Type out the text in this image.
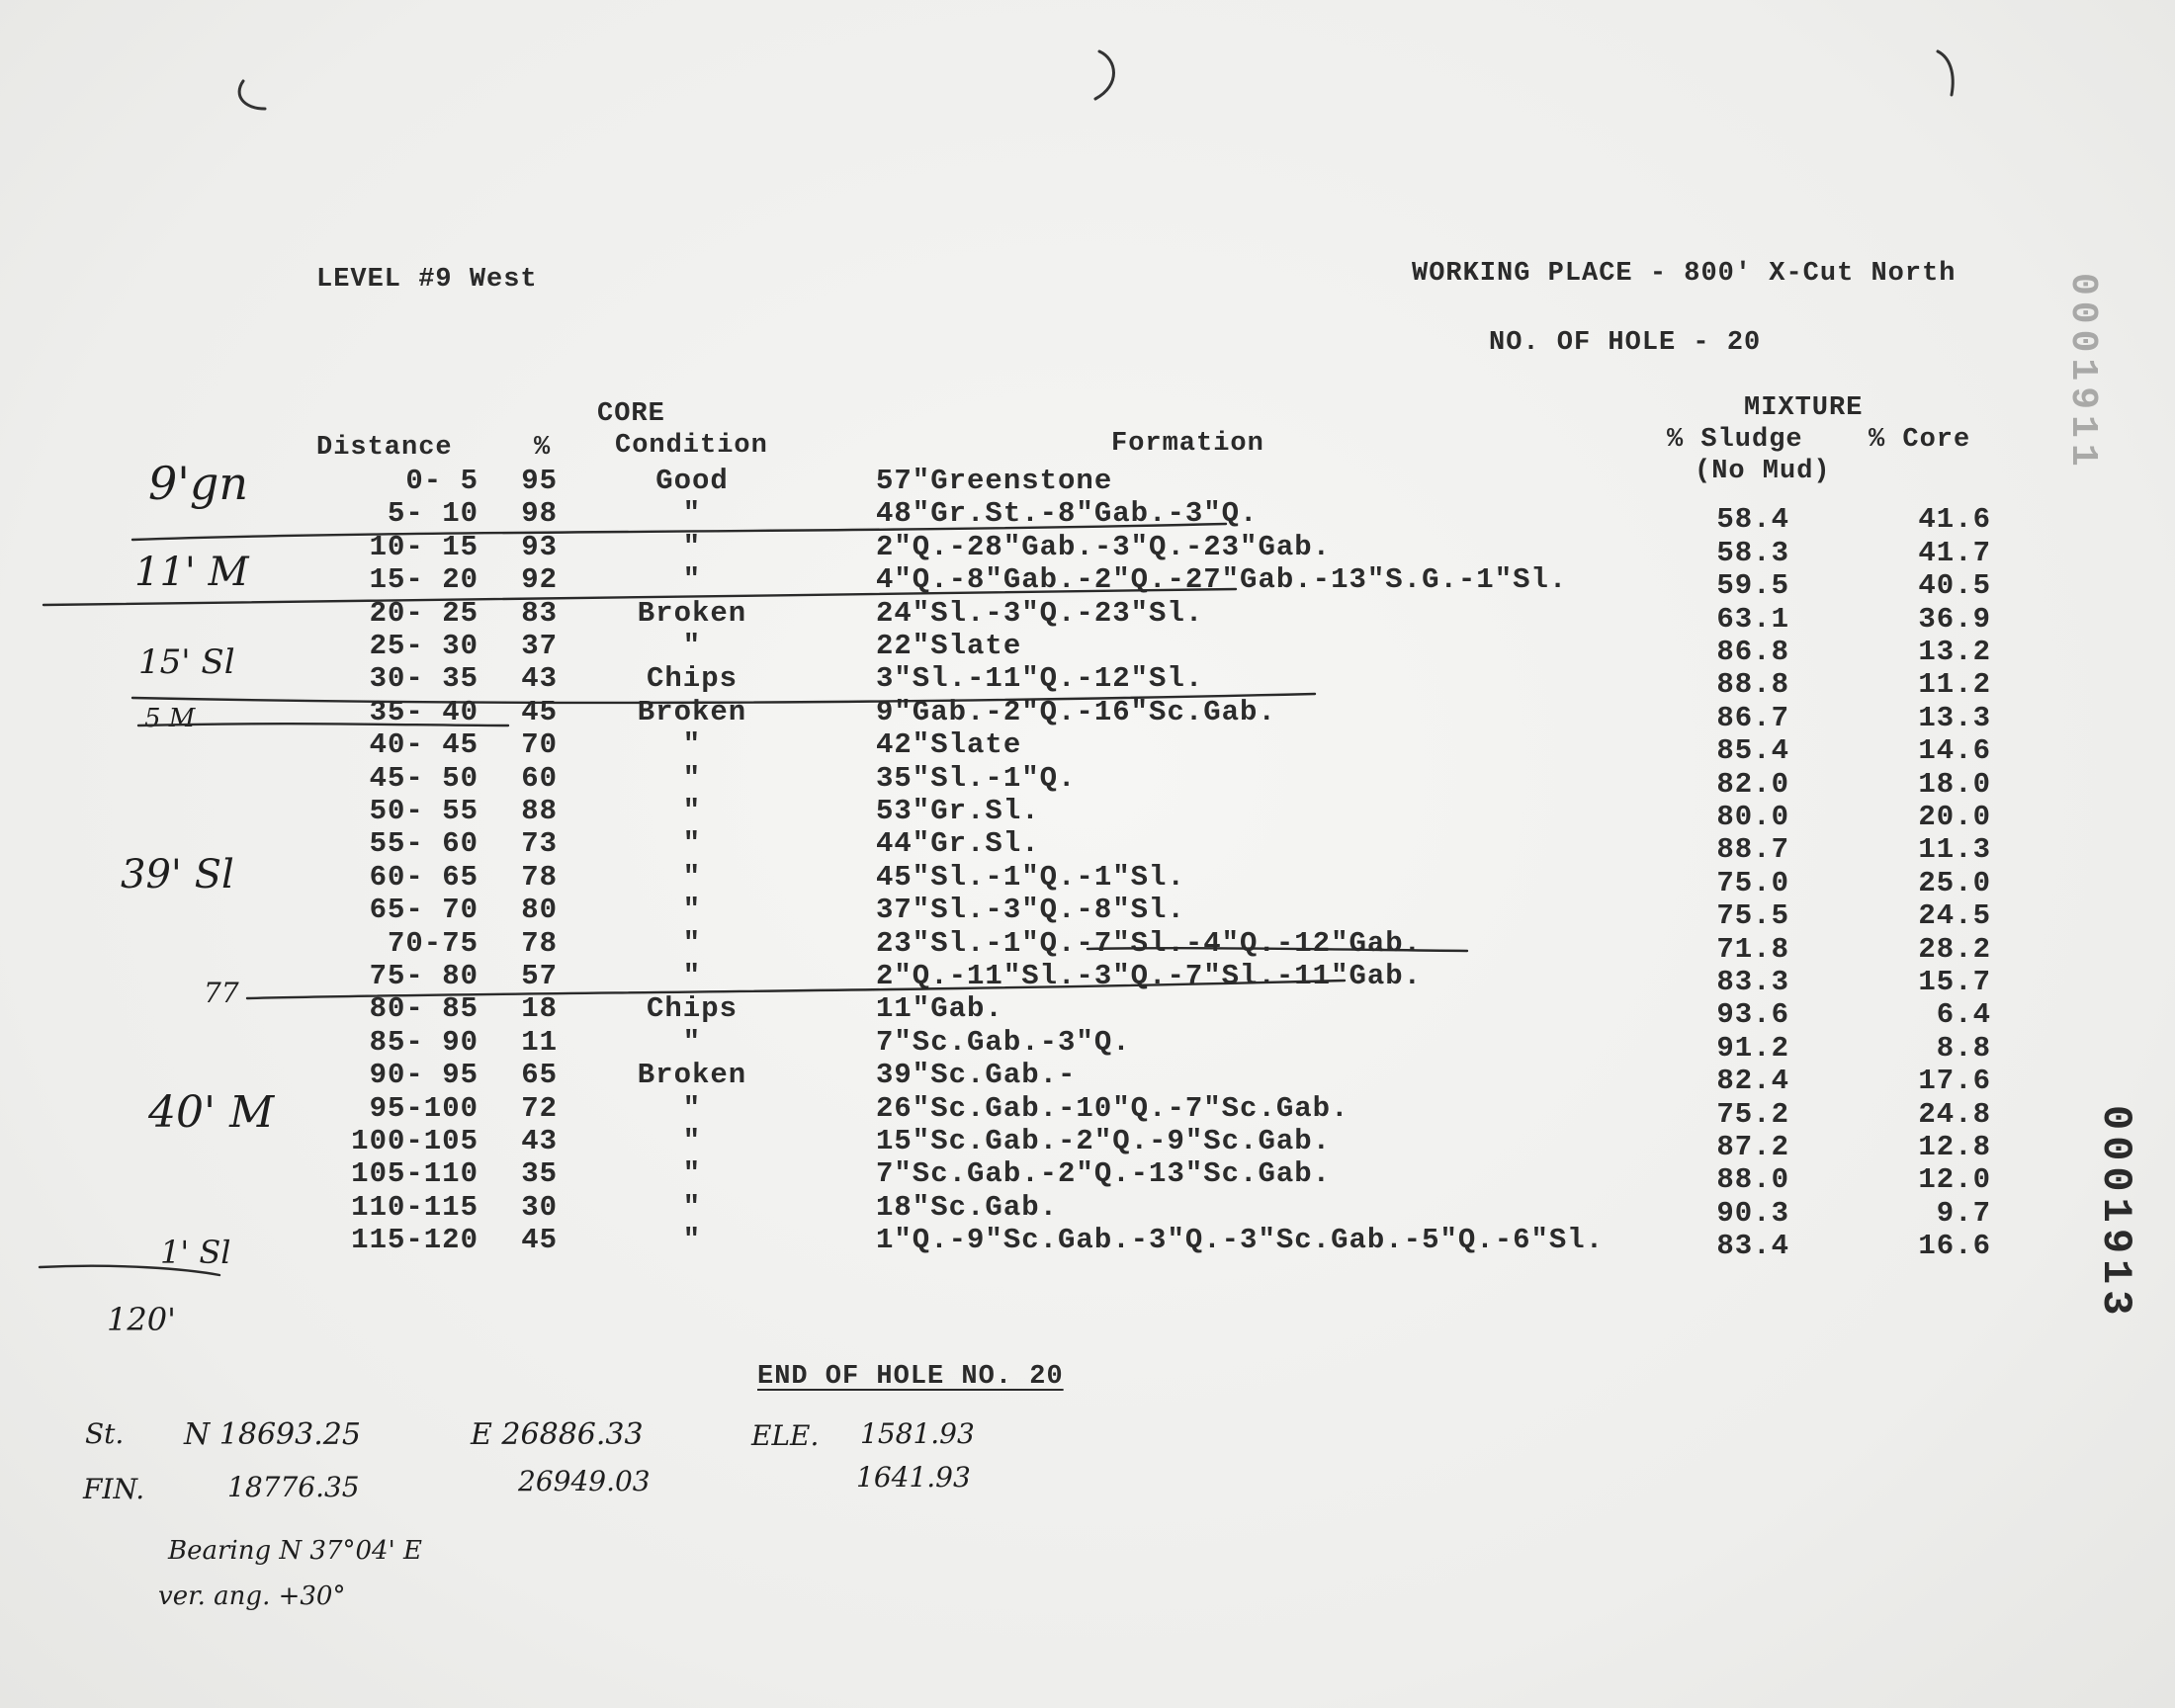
LEVEL #9 West	WORKING PLACE - 800' X-Cut North
NO. OF HOLE - 20
CORE
Distance	% Condition	Formation
MIXTURE
% Sludge
(No Mud)
% Core
0- 5	95	Good	57"Greenstone
5- 10	98	"	48"Gr.St.-8"Gab.-3"Q.	58.4	41.6
10- 15	93	"	2"Q.-28"Gab.-3"Q.-23"Gab.	58.3	41.7
15- 20	92	"	4"Q.-8"Gab.-2"Q.-27"Gab.-13"S.G.-1"Sl.	59.5	40.5
20- 25	83	Broken	24"Sl.-3"Q.-23"Sl.	63.1	36.9
25- 30	37	"	22"Slate	86.8	13.2
30- 35	43	Chips	3"Sl.-11"Q.-12"Sl.	88.8	11.2
35- 40	45	Broken	9"Gab.-2"Q.-16"Sc.Gab.	86.7	13.3
40- 45	70	"	42"Slate	85.4	14.6
45- 50	60	"	35"Sl.-1"Q.	82.0	18.0
50- 55	88	"	53"Gr.Sl.	80.0	20.0
55- 60	73	"	44"Gr.Sl.	88.7	11.3
60- 65	78	"	45"Sl.-1"Q.-1"Sl.	75.0	25.0
65- 70	80	"	37"Sl.-3"Q.-8"Sl.	75.5	24.5
70-75	78	"	23"Sl.-1"Q.-7"Sl.-4"Q.-12"Gab.	71.8	28.2
75- 80	57	"	2"Q.-11"Sl.-3"Q.-7"Sl.-11"Gab.	83.3	15.7
80- 85	18	Chips	11"Gab.	93.6	6.4
85- 90	11	"	7"Sc.Gab.-3"Q.	91.2	8.8
90- 95	65	Broken	39"Sc.Gab.-	82.4	17.6
95-100	72	"	26"Sc.Gab.-10"Q.-7"Sc.Gab.	75.2	24.8
100-105	43	"	15"Sc.Gab.-2"Q.-9"Sc.Gab.	87.2	12.8
105-110	35	"	7"Sc.Gab.-2"Q.-13"Sc.Gab.	88.0	12.0
110-115	30	"	18"Sc.Gab.	90.3	9.7
115-120	45	"	1"Q.-9"Sc.Gab.-3"Q.-3"Sc.Gab.-5"Q.-6"Sl.	83.4	16.6
END OF HOLE NO. 20
9'gn
11' M
15' Sl
5 M
39' Sl
77
40' M
1' Sl
120'
St. N 18693.25	E 26886.33	ELE. 1581.93
FIN.	18776.35	26949.03	1641.93
Bearing N 37°04' E
ver. ang. +30°
0001913
0001911
